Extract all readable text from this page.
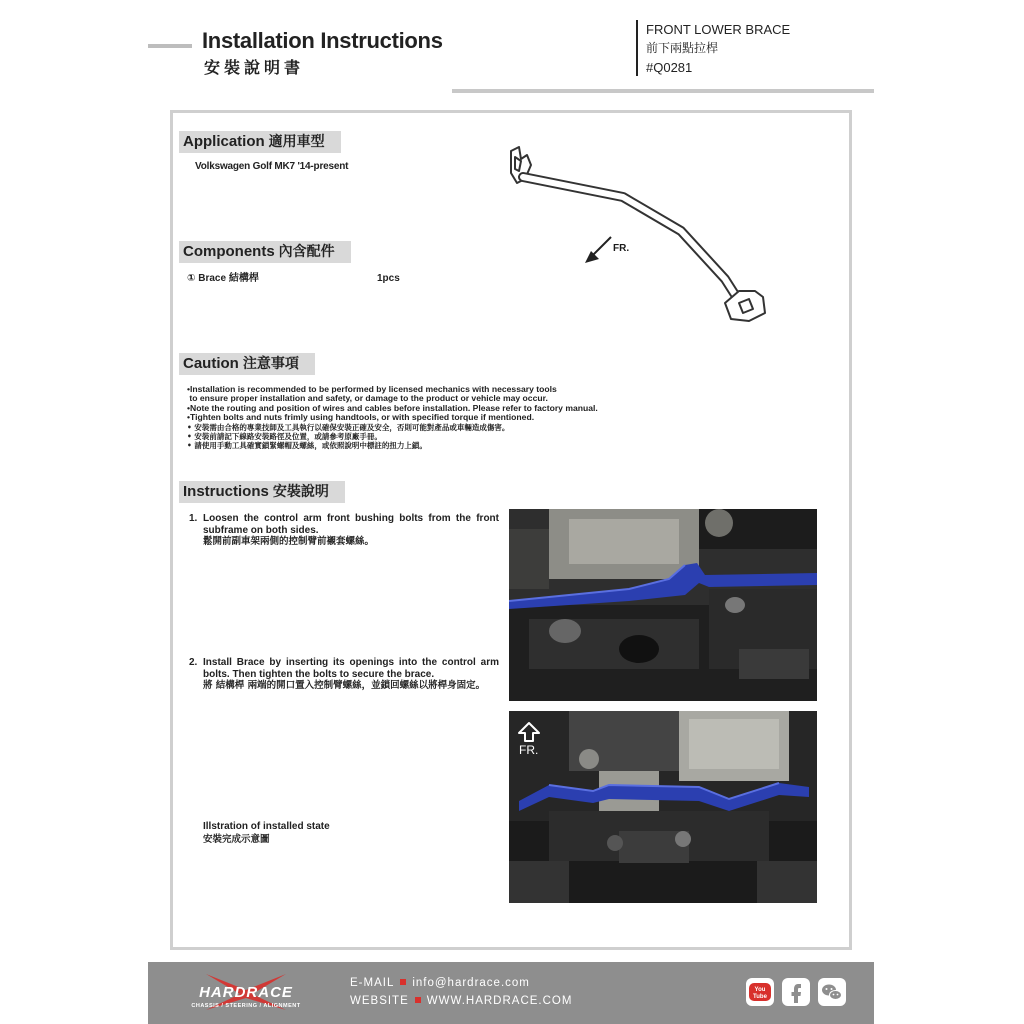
Installation Instructions
安裝說明書
FRONT LOWER BRACE
前下兩點拉桿
#Q0281
Application 適用車型
Volkswagen Golf MK7 '14-present
Components 內含配件
① Brace 結構桿	1pcs
FR.
Caution 注意事項
•Installation is recommended to be performed by licensed mechanics with necessary tools
to ensure proper installation and safety, or damage to the product or vehicle may occur.
•Note the routing and position of wires and cables before installation. Please refer to factory manual.
•Tighten bolts and nuts frimly using handtools, or with specified torque if mentioned.
• 安裝需由合格的專業技師及工具執行以確保安裝正確及安全，否則可能對產品或車輛造成傷害。
• 安裝前請記下線路安裝路徑及位置，或請參考原廠手冊。
• 請使用手動工具確實鎖緊螺帽及螺絲，或依照說明中標註的扭力上鎖。
Instructions 安裝說明
1. Loosen the control arm front bushing bolts from the front subframe on both sides.
鬆開前副車架兩側的控制臂前襯套螺絲。
2. Install Brace by inserting its openings into the control arm bolts. Then tighten the bolts to secure the brace.
將 結構桿 兩端的開口置入控制臂螺絲，並鎖回螺絲以將桿身固定。
Illstration of installed state
安裝完成示意圖
FR.
HARDRACE
CHASSIS / STEERING / ALIGNMENT
E-MAIL info@hardrace.com
WEBSITE WWW.HARDRACE.COM
You
Tube
